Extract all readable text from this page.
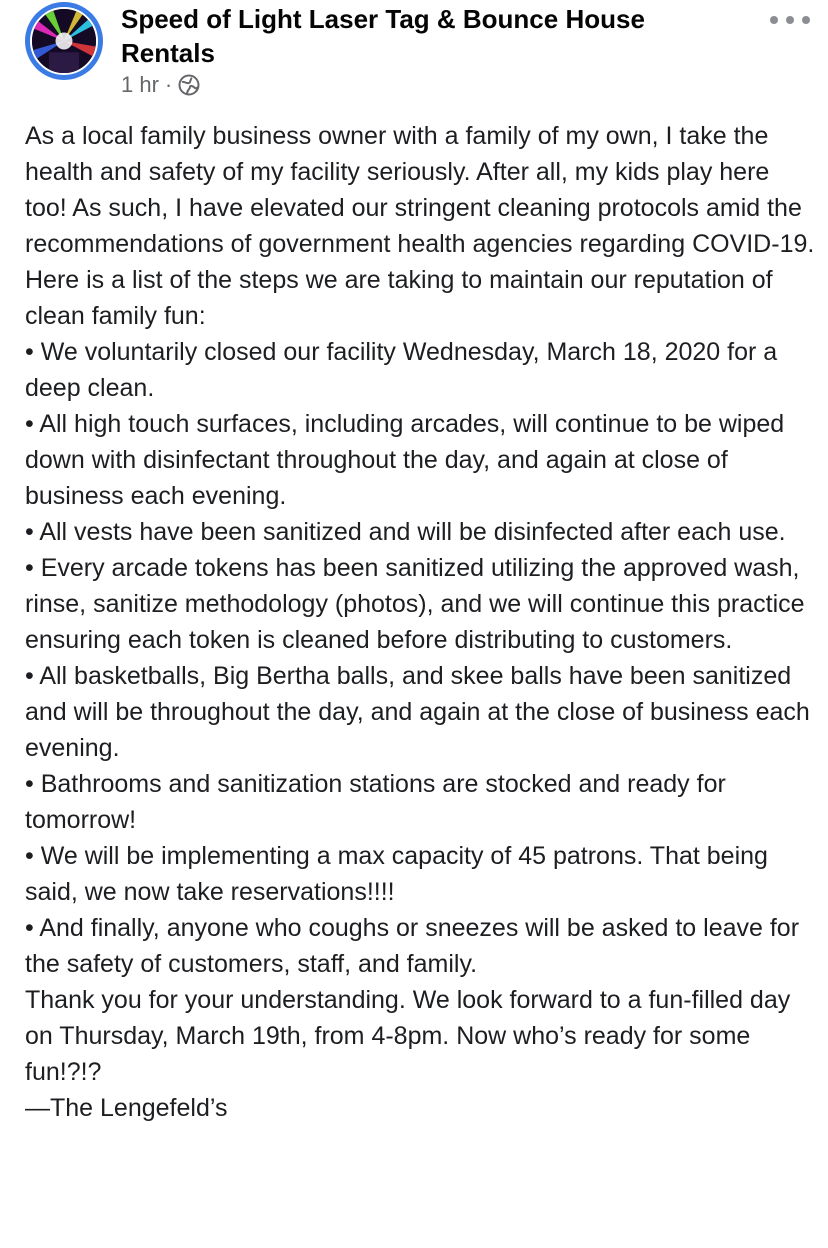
Speed of Light Laser Tag & Bounce House Rentals
1 hr ·

As a local family business owner with a family of my own, I take the health and safety of my facility seriously. After all, my kids play here too! As such, I have elevated our stringent cleaning protocols amid the recommendations of government health agencies regarding COVID-19. Here is a list of the steps we are taking to maintain our reputation of clean family fun:

• We voluntarily closed our facility Wednesday, March 18, 2020 for a deep clean.

• All high touch surfaces, including arcades, will continue to be wiped down with disinfectant throughout the day, and again at close of business each evening.

• All vests have been sanitized and will be disinfected after each use.

• Every arcade tokens has been sanitized utilizing the approved wash, rinse, sanitize methodology (photos), and we will continue this practice ensuring each token is cleaned before distributing to customers.

• All basketballs, Big Bertha balls, and skee balls have been sanitized and will be throughout the day, and again at the close of business each evening.

• Bathrooms and sanitization stations are stocked and ready for tomorrow!

• We will be implementing a max capacity of 45 patrons. That being said, we now take reservations!!!!

• And finally, anyone who coughs or sneezes will be asked to leave for the safety of customers, staff, and family.

Thank you for your understanding. We look forward to a fun-filled day on Thursday, March 19th, from 4-8pm. Now who’s ready for some fun!?!?

—The Lengefeld’s
